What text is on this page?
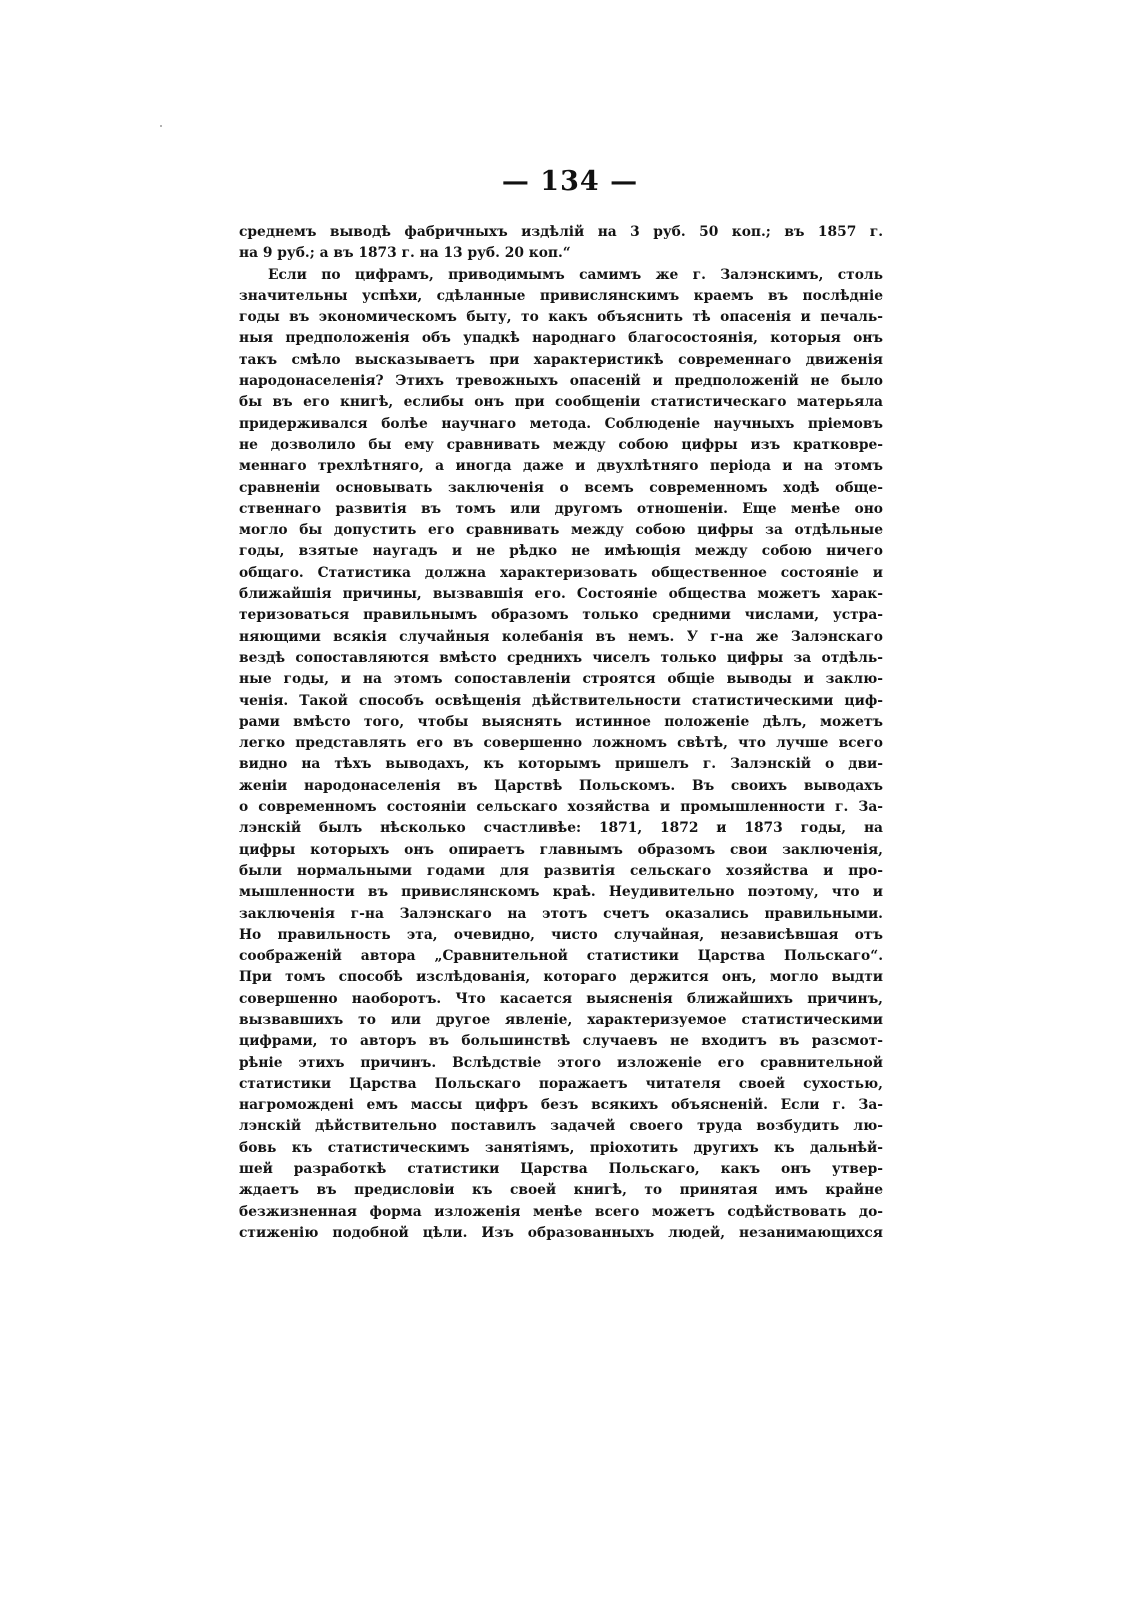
— 134 —
среднемъ выводѣ фабричныхъ издѣлій на 3 руб. 50 коп.; въ 1857 г.
на 9 руб.; а въ 1873 г. на 13 руб. 20 коп.“
Если по цифрамъ, приводимымъ самимъ же г. Залэнскимъ, столь
значительны успѣхи, сдѣланные привислянскимъ краемъ въ послѣдніе
годы въ экономическомъ быту, то какъ объяснить тѣ опасенія и печаль-
ныя предположенія объ упадкѣ народнаго благосостоянія, которыя онъ
такъ смѣло высказываетъ при характеристикѣ современнаго движенія
народонаселенія? Этихъ тревожныхъ опасеній и предположеній не было
бы въ его книгѣ, еслибы онъ при сообщеніи статистическаго матерьяла
придерживался болѣе научнаго метода. Соблюденіе научныхъ пріемовъ
не дозволило бы ему сравнивать между собою цифры изъ кратковре-
меннаго трехлѣтняго, а иногда даже и двухлѣтняго періода и на этомъ
сравненіи основывать заключенія о всемъ современномъ ходѣ обще-
ственнаго развитія въ томъ или другомъ отношеніи. Еще менѣе оно
могло бы допустить его сравнивать между собою цифры за отдѣльные
годы, взятые наугадъ и не рѣдко не имѣющія между собою ничего
общаго. Статистика должна характеризовать общественное состояніе и
ближайшія причины, вызвавшія его. Состояніе общества можетъ харак-
теризоваться правильнымъ образомъ только средними числами, устра-
няющими всякія случайныя колебанія въ немъ. У г-на же Залэнскаго
вездѣ сопоставляются вмѣсто среднихъ чиселъ только цифры за отдѣль-
ные годы, и на этомъ сопоставленіи строятся общіе выводы и заклю-
ченія. Такой способъ освѣщенія дѣйствительности статистическими циф-
рами вмѣсто того, чтобы выяснять истинное положеніе дѣлъ, можетъ
легко представлять его въ совершенно ложномъ свѣтѣ, что лучше всего
видно на тѣхъ выводахъ, къ которымъ пришелъ г. Залэнскій о дви-
женіи народонаселенія въ Царствѣ Польскомъ. Въ своихъ выводахъ
о современномъ состояніи сельскаго хозяйства и промышленности г. За-
лэнскій былъ нѣсколько счастливѣе: 1871, 1872 и 1873 годы, на
цифры которыхъ онъ опираетъ главнымъ образомъ свои заключенія,
были нормальными годами для развитія сельскаго хозяйства и про-
мышленности въ привислянскомъ краѣ. Неудивительно поэтому, что и
заключенія г-на Залэнскаго на этотъ счетъ оказались правильными.
Но правильность эта, очевидно, чисто случайная, независѣвшая отъ
соображеній автора „Сравнительной статистики Царства Польскаго“.
При томъ способѣ изслѣдованія, котораго держится онъ, могло выдти
совершенно наоборотъ. Что касается выясненія ближайшихъ причинъ,
вызвавшихъ то или другое явленіе, характеризуемое статистическими
цифрами, то авторъ въ большинствѣ случаевъ не входитъ въ разсмот-
рѣніе этихъ причинъ. Вслѣдствіе этого изложеніе его сравнительной
статистики Царства Польскаго поражаетъ читателя своей сухостью,
нагромождені емъ массы цифръ безъ всякихъ объясненій. Если г. За-
лэнскій дѣйствительно поставилъ задачей своего труда возбудить лю-
бовь къ статистическимъ занятіямъ, пріохотить другихъ къ дальнѣй-
шей разработкѣ статистики Царства Польскаго, какъ онъ утвер-
ждаетъ въ предисловіи къ своей книгѣ, то принятая имъ крайне
безжизненная форма изложенія менѣе всего можетъ содѣйствовать до-
стиженію подобной цѣли. Изъ образованныхъ людей, незанимающихся
